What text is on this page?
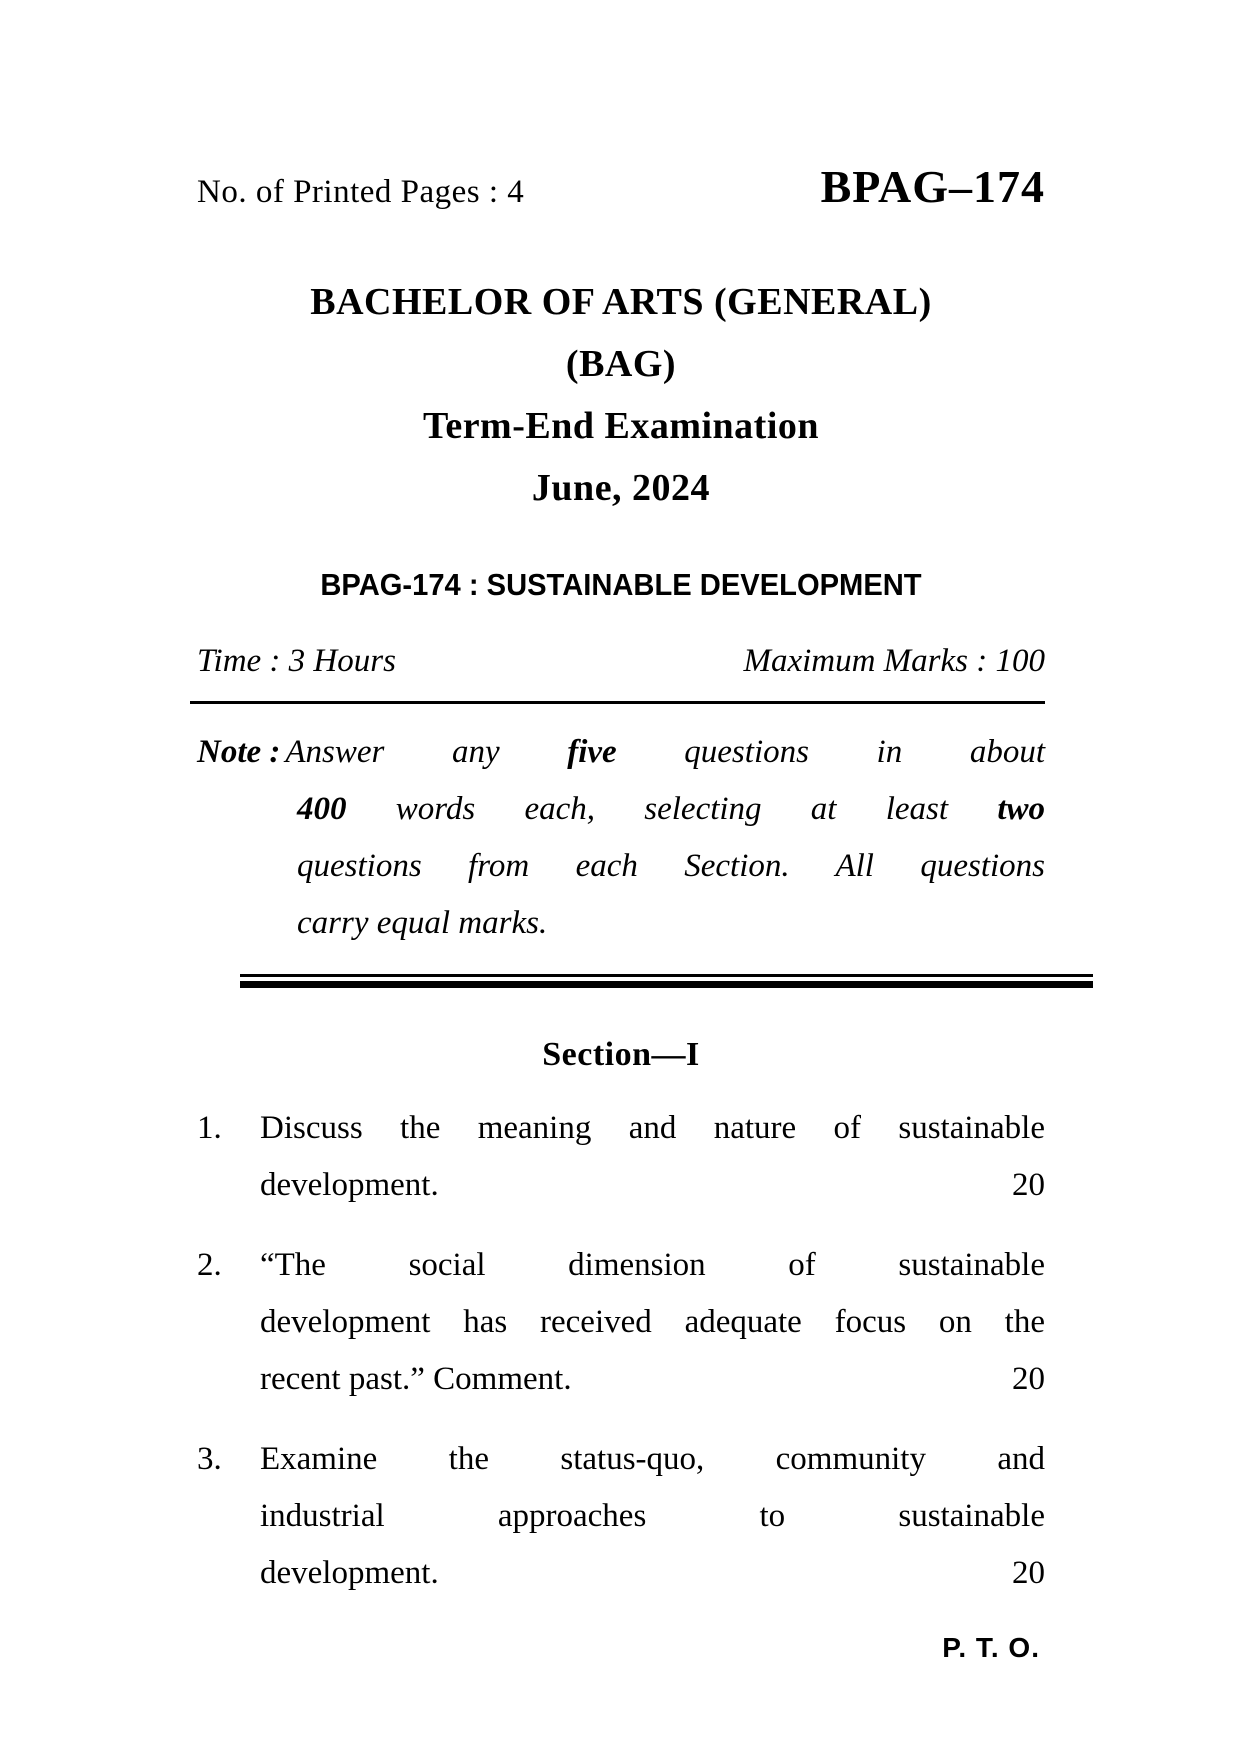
No. of Printed Pages : 4	BPAG–174
BACHELOR OF ARTS (GENERAL)
(BAG)
Term-End Examination
June, 2024
BPAG-174 : SUSTAINABLE DEVELOPMENT
Time : 3 Hours	Maximum Marks : 100
Note : Answer any five questions in about
400 words each, selecting at least two
questions from each Section. All questions
carry equal marks.
Section—I
1.	Discuss the meaning and nature of sustainable
development.	20
2.	“The social dimension of sustainable
development has received adequate focus on the
recent past.” Comment.	20
3.	Examine the status-quo, community and
industrial approaches to sustainable
development.	20
P. T. O.
